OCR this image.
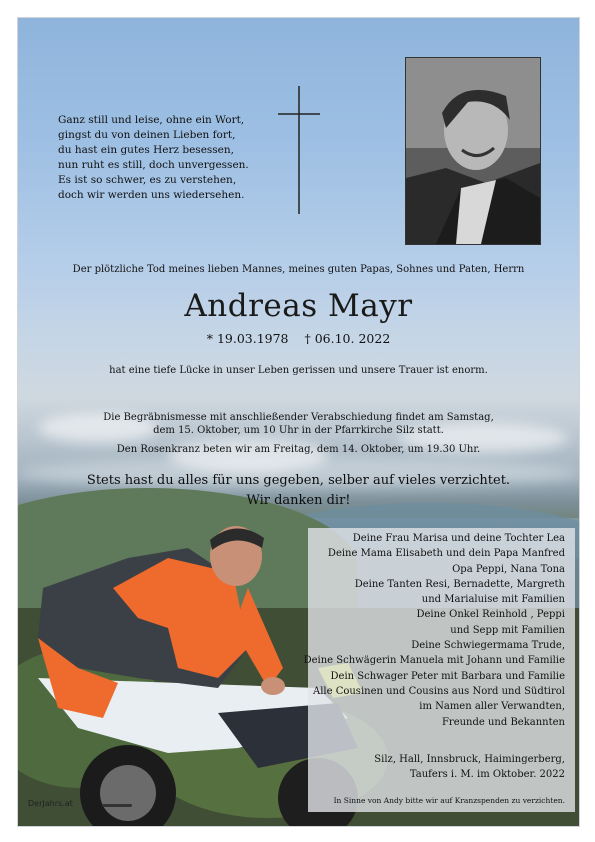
Ganz still und leise, ohne ein Wort,
gingst du von deinen Lieben fort,
du hast ein gutes Herz besessen,
nun ruht es still, doch unvergessen.
Es ist so schwer, es zu verstehen,
doch wir werden uns wiedersehen.
Der plötzliche Tod meines lieben Mannes, meines guten Papas, Sohnes und Paten, Herrn
Andreas Mayr
* 19.03.1978 † 06.10. 2022
hat eine tiefe Lücke in unser Leben gerissen und unsere Trauer ist enorm.
Die Begräbnismesse mit anschließender Verabschiedung findet am Samstag,
dem 15. Oktober, um 10 Uhr in der Pfarrkirche Silz statt.
Den Rosenkranz beten wir am Freitag, dem 14. Oktober, um 19.30 Uhr.
Stets hast du alles für uns gegeben, selber auf vieles verzichtet.
Wir danken dir!
Deine Frau Marisa und deine Tochter Lea
Deine Mama Elisabeth und dein Papa Manfred
Opa Peppi, Nana Tona
Deine Tanten Resi, Bernadette, Margreth
und Marialuise mit Familien
Deine Onkel Reinhold , Peppi
und Sepp mit Familien
Deine Schwiegermama Trude,
Deine Schwägerin Manuela mit Johann und Familie
Dein Schwager Peter mit Barbara und Familie
Alle Cousinen und Cousins aus Nord und Südtirol
im Namen aller Verwandten,
Freunde und Bekannten
Silz, Hall, Innsbruck, Haimingerberg,
Taufers i. M. im Oktober. 2022
In Sinne von Andy bitte wir auf Kranzspenden zu verzichten.
DerJahrs.at
